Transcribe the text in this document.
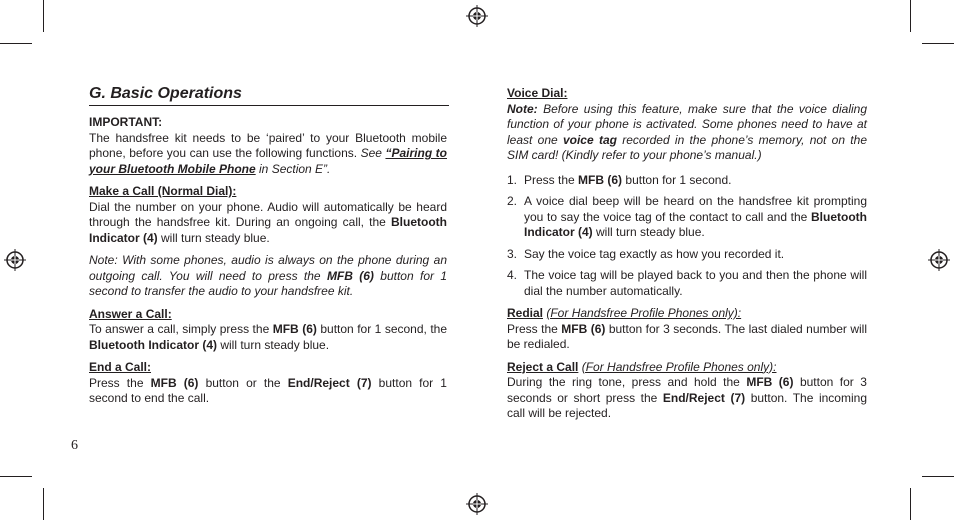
G. Basic Operations

IMPORTANT:

The handsfree kit needs to be ‘paired’ to your Bluetooth mobile phone, before you can use the following functions. See “Pairing to your Bluetooth Mobile Phone in Section E”.

Make a Call (Normal Dial):

Dial the number on your phone. Audio will automatically be heard through the handsfree kit. During an ongoing call, the Bluetooth Indicator (4) will turn steady blue.

Note: With some phones, audio is always on the phone during an outgoing call. You will need to press the MFB (6) button for 1 second to transfer the audio to your handsfree kit.

Answer a Call:

To answer a call, simply press the MFB (6) button for 1 second, the Bluetooth Indicator (4) will turn steady blue.

End a Call:

Press the MFB (6) button or the End/Reject (7) button for 1 second to end the call.

Voice Dial:

Note: Before using this feature, make sure that the voice dialing function of your phone is activated. Some phones need to have at least one voice tag recorded in the phone’s memory, not on the SIM card! (Kindly refer to your phone’s manual.)

1. Press the MFB (6) button for 1 second.
2. A voice dial beep will be heard on the handsfree kit prompting you to say the voice tag of the contact to call and the Bluetooth Indicator (4) will turn steady blue.
3. Say the voice tag exactly as how you recorded it.
4. The voice tag will be played back to you and then the phone will dial the number automatically.

Redial (For Handsfree Profile Phones only):

Press the MFB (6) button for 3 seconds. The last dialed number will be redialed.

Reject a Call (For Handsfree Profile Phones only):

During the ring tone, press and hold the MFB (6) button for 3 seconds or short press the End/Reject (7) button. The incoming call will be rejected.

6
